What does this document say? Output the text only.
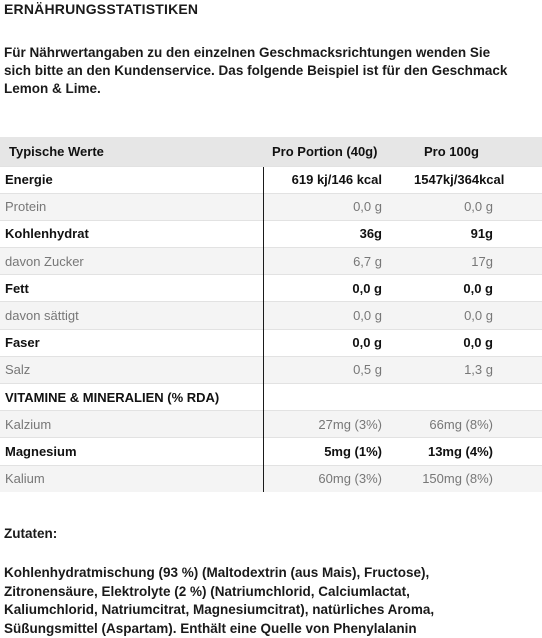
ERNÄHRUNGSSTATISTIKEN
Für Nährwertangaben zu den einzelnen Geschmacksrichtungen wenden Sie
sich bitte an den Kundenservice. Das folgende Beispiel ist für den Geschmack
Lemon & Lime.
Typische Werte	Pro Portion (40g)	Pro 100g
Energie	619 kj/146 kcal	1547kj/364kcal
Protein	0,0 g	0,0 g
Kohlenhydrat	36g	91g
davon Zucker	6,7 g	17g
Fett	0,0 g	0,0 g
davon sättigt	0,0 g	0,0 g
Faser	0,0 g	0,0 g
Salz	0,5 g	1,3 g
VITAMINE & MINERALIEN (% RDA)		
Kalzium	27mg (3%)	66mg (8%)
Magnesium	5mg (1%)	13mg (4%)
Kalium	60mg (3%)	150mg (8%)
Zutaten:
Kohlenhydratmischung (93 %) (Maltodextrin (aus Mais), Fructose),
Zitronensäure, Elektrolyte (2 %) (Natriumchlorid, Calciumlactat,
Kaliumchlorid, Natriumcitrat, Magnesiumcitrat), natürliches Aroma,
Süßungsmittel (Aspartam). Enthält eine Quelle von Phenylalanin
